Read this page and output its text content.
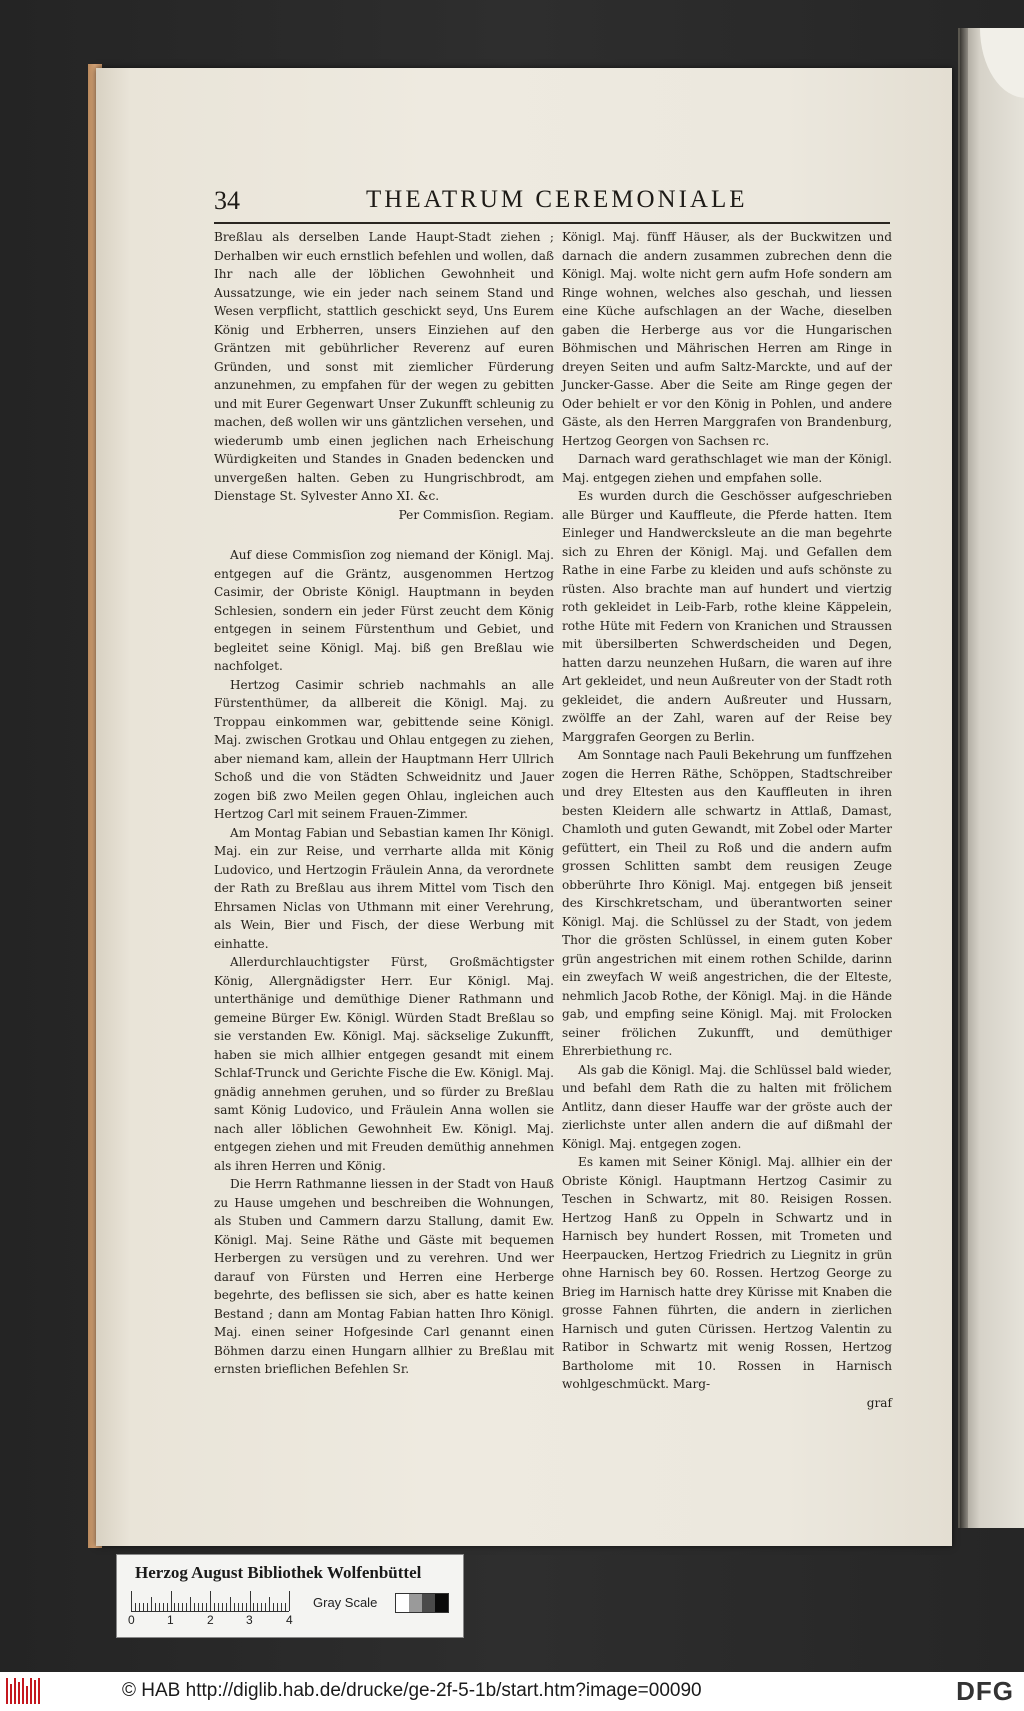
34	THEATRUM CEREMONIALE

Breßlau als derselben Lande Haupt-Stadt ziehen ; Derhalben wir euch ernstlich befehlen und wollen, daß Ihr nach alle der löblichen Gewohnheit und Aussatzunge, wie ein jeder nach seinem Stand und Wesen verpflicht, stattlich geschickt seyd, Uns Eurem König und Erbherren, unsers Einziehen auf den Gräntzen mit gebührlicher Reverenz auf euren Gründen, und sonst mit ziemlicher Fürderung anzunehmen, zu empfahen für der wegen zu gebitten und mit Eurer Gegenwart Unser Zukunfft schleunig zu machen, deß wollen wir uns gäntzlichen versehen, und wiederumb umb einen jeglichen nach Erheischung Würdigkeiten und Standes in Gnaden bedencken und unvergeßen halten. Geben zu Hungrischbrodt, am Dienstage St. Sylvester Anno XI. &c.

Per Commisſion. Regiam.

Auf diese Commisſion zog niemand der Königl. Maj. entgegen auf die Gräntz, ausgenommen Hertzog Casimir, der Obriste Königl. Hauptmann in beyden Schlesien, sondern ein jeder Fürst zeucht dem König entgegen in seinem Fürstenthum und Gebiet, und begleitet seine Königl. Maj. biß gen Breßlau wie nachfolget.

Hertzog Casimir schrieb nachmahls an alle Fürstenthümer, da allbereit die Königl. Maj. zu Troppau einkommen war, gebittende seine Königl. Maj. zwischen Grotkau und Ohlau entgegen zu ziehen, aber niemand kam, allein der Hauptmann Herr Ullrich Schoß und die von Städten Schweidnitz und Jauer zogen biß zwo Meilen gegen Ohlau, ingleichen auch Hertzog Carl mit seinem Frauen-Zimmer.

Am Montag Fabian und Sebastian kamen Ihr Königl. Maj. ein zur Reise, und verrharte allda mit König Ludovico, und Hertzogin Fräulein Anna, da verordnete der Rath zu Breßlau aus ihrem Mittel vom Tisch den Ehrsamen Niclas von Uthmann mit einer Verehrung, als Wein, Bier und Fisch, der diese Werbung mit einhatte.

Allerdurchlauchtigster Fürst, Großmächtigster König, Allergnädigster Herr. Eur Königl. Maj. unterthänige und demüthige Diener Rathmann und gemeine Bürger Ew. Königl. Würden Stadt Breßlau so sie verstanden Ew. Königl. Maj. säckselige Zukunfft, haben sie mich allhier entgegen gesandt mit einem Schlaf-Trunck und Gerichte Fische die Ew. Königl. Maj. gnädig annehmen geruhen, und so fürder zu Breßlau samt König Ludovico, und Fräulein Anna wollen sie nach aller löblichen Gewohnheit Ew. Königl. Maj. entgegen ziehen und mit Freuden demüthig annehmen als ihren Herren und König.

Die Herrn Rathmanne liessen in der Stadt von Hauß zu Hause umgehen und beschreiben die Wohnungen, als Stuben und Cammern darzu Stallung, damit Ew. Königl. Maj. Seine Räthe und Gäste mit bequemen Herbergen zu versügen und zu verehren. Und wer darauf von Fürsten und Herren eine Herberge begehrte, des beflissen sie sich, aber es hatte keinen Bestand ; dann am Montag Fabian hatten Ihro Königl. Maj. einen seiner Hofgesinde Carl genannt einen Böhmen darzu einen Hungarn allhier zu Breßlau mit ernsten brieflichen Befehlen Sr.

Königl. Maj. fünff Häuser, als der Buckwitzen und darnach die andern zusammen zubrechen denn die Königl. Maj. wolte nicht gern aufm Hofe sondern am Ringe wohnen, welches also geschah, und liessen eine Küche aufschlagen an der Wache, dieselben gaben die Herberge aus vor die Hungarischen Böhmischen und Mährischen Herren am Ringe in dreyen Seiten und aufm Saltz-Marckte, und auf der Juncker-Gasse. Aber die Seite am Ringe gegen der Oder behielt er vor den König in Pohlen, und andere Gäste, als den Herren Marggrafen von Brandenburg, Hertzog Georgen von Sachsen rc.

Darnach ward gerathschlaget wie man der Königl. Maj. entgegen ziehen und empfahen solle.

Es wurden durch die Geschösser aufgeschrieben alle Bürger und Kauffleute, die Pferde hatten. Item Einleger und Handwercksleute an die man begehrte sich zu Ehren der Königl. Maj. und Gefallen dem Rathe in eine Farbe zu kleiden und aufs schönste zu rüsten. Also brachte man auf hundert und viertzig roth gekleidet in Leib-Farb, rothe kleine Käppelein, rothe Hüte mit Federn von Kranichen und Straussen mit übersilberten Schwerdscheiden und Degen, hatten darzu neunzehen Hußarn, die waren auf ihre Art gekleidet, und neun Außreuter von der Stadt roth gekleidet, die andern Außreuter und Hussarn, zwölffe an der Zahl, waren auf der Reise bey Marggrafen Georgen zu Berlin.

Am Sonntage nach Pauli Bekehrung um funffzehen zogen die Herren Räthe, Schöppen, Stadtschreiber und drey Eltesten aus den Kauffleuten in ihren besten Kleidern alle schwartz in Attlaß, Damast, Chamloth und guten Gewandt, mit Zobel oder Marter gefüttert, ein Theil zu Roß und die andern aufm grossen Schlitten sambt dem reusigen Zeuge obberührte Ihro Königl. Maj. entgegen biß jenseit des Kirschkretscham, und überantworten seiner Königl. Maj. die Schlüssel zu der Stadt, von jedem Thor die grösten Schlüssel, in einem guten Kober grün angestrichen mit einem rothen Schilde, darinn ein zweyfach W weiß angestrichen, die der Elteste, nehmlich Jacob Rothe, der Königl. Maj. in die Hände gab, und empfing seine Königl. Maj. mit Frolocken seiner frölichen Zukunfft, und demüthiger Ehrerbiethung rc.

Als gab die Königl. Maj. die Schlüssel bald wieder, und befahl dem Rath die zu halten mit frölichem Antlitz, dann dieser Hauffe war der gröste auch der zierlichste unter allen andern die auf dißmahl der Königl. Maj. entgegen zogen.

Es kamen mit Seiner Königl. Maj. allhier ein der Obriste Königl. Hauptmann Hertzog Casimir zu Teschen in Schwartz, mit 80. Reisigen Rossen. Hertzog Hanß zu Oppeln in Schwartz und in Harnisch bey hundert Rossen, mit Trometen und Heerpaucken, Hertzog Friedrich zu Liegnitz in grün ohne Harnisch bey 60. Rossen. Hertzog George zu Brieg im Harnisch hatte drey Kürisse mit Knaben die grosse Fahnen führten, die andern in zierlichen Harnisch und guten Cürissen. Hertzog Valentin zu Ratibor in Schwartz mit wenig Rossen, Hertzog Bartholome mit 10. Rossen in Harnisch wohlgeschmückt. Marg-

graf
Herzog August Bibliothek Wolfenbüttel
0	1	2	3	4
Gray Scale
© HAB http://diglib.hab.de/drucke/ge-2f-5-1b/start.htm?image=00090	DFG
